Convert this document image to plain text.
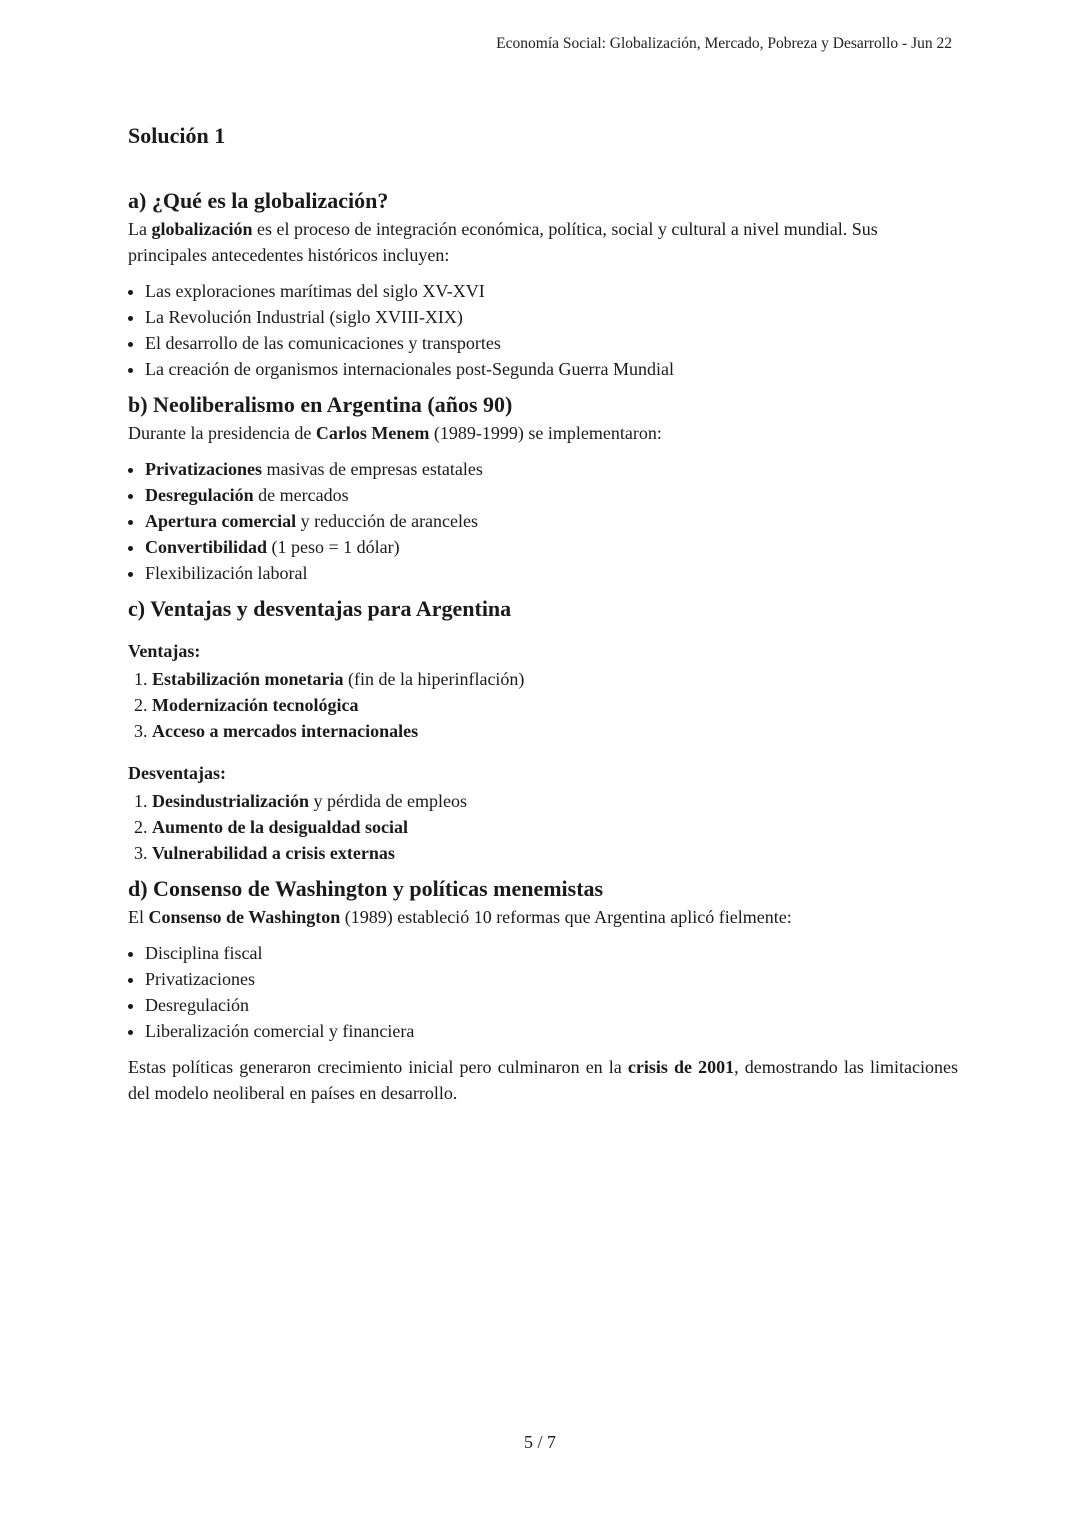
Economía Social: Globalización, Mercado, Pobreza y Desarrollo - Jun 22
Solución 1
a) ¿Qué es la globalización?

La globalización es el proceso de integración económica, política, social y cultural a nivel mundial. Sus principales antecedentes históricos incluyen:

• Las exploraciones marítimas del siglo XV-XVI
• La Revolución Industrial (siglo XVIII-XIX)
• El desarrollo de las comunicaciones y transportes
• La creación de organismos internacionales post-Segunda Guerra Mundial
b) Neoliberalismo en Argentina (años 90)

Durante la presidencia de Carlos Menem (1989-1999) se implementaron:

• Privatizaciones masivas de empresas estatales
• Desregulación de mercados
• Apertura comercial y reducción de aranceles
• Convertibilidad (1 peso = 1 dólar)
• Flexibilización laboral
c) Ventajas y desventajas para Argentina
Ventajas:
1. Estabilización monetaria (fin de la hiperinflación)
2. Modernización tecnológica
3. Acceso a mercados internacionales
Desventajas:
1. Desindustrialización y pérdida de empleos
2. Aumento de la desigualdad social
3. Vulnerabilidad a crisis externas
d) Consenso de Washington y políticas menemistas

El Consenso de Washington (1989) estableció 10 reformas que Argentina aplicó fielmente:

• Disciplina fiscal
• Privatizaciones
• Desregulación
• Liberalización comercial y financiera

Estas políticas generaron crecimiento inicial pero culminaron en la crisis de 2001, demostrando las limitaciones del modelo neoliberal en países en desarrollo.

5 / 7
